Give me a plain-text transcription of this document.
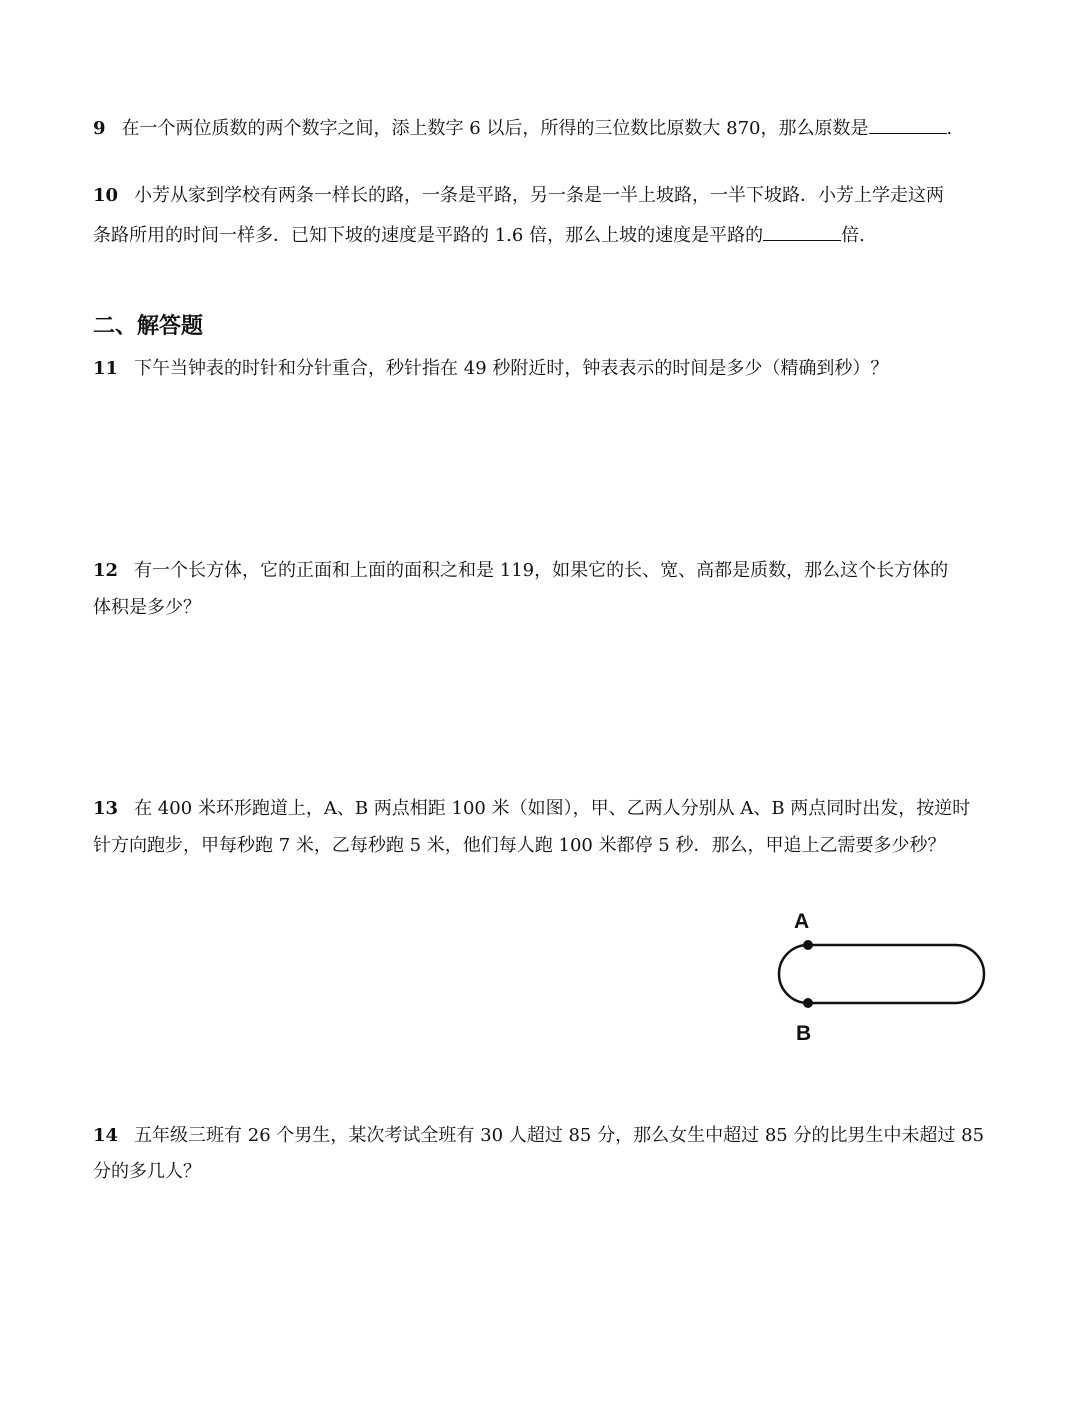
9 在一个两位质数的两个数字之间，添上数字 6 以后，所得的三位数比原数大 870，那么原数是	.

10 小芳从家到学校有两条一样长的路，一条是平路，另一条是一半上坡路，一半下坡路．小芳上学走这两

条路所用的时间一样多．已知下坡的速度是平路的 1.6 倍，那么上坡的速度是平路的	倍.

二、解答题

11 下午当钟表的时针和分针重合，秒针指在 49 秒附近时，钟表表示的时间是多少（精确到秒）？

12 有一个长方体，它的正面和上面的面积之和是 119，如果它的长、宽、高都是质数，那么这个长方体的

体积是多少？

13 在 400 米环形跑道上，A、B 两点相距 100 米（如图），甲、乙两人分别从 A、B 两点同时出发，按逆时

针方向跑步，甲每秒跑 7 米，乙每秒跑 5 米，他们每人跑 100 米都停 5 秒．那么，甲追上乙需要多少秒？

A
B

14 五年级三班有 26 个男生，某次考试全班有 30 人超过 85 分，那么女生中超过 85 分的比男生中未超过 85

分的多几人？
